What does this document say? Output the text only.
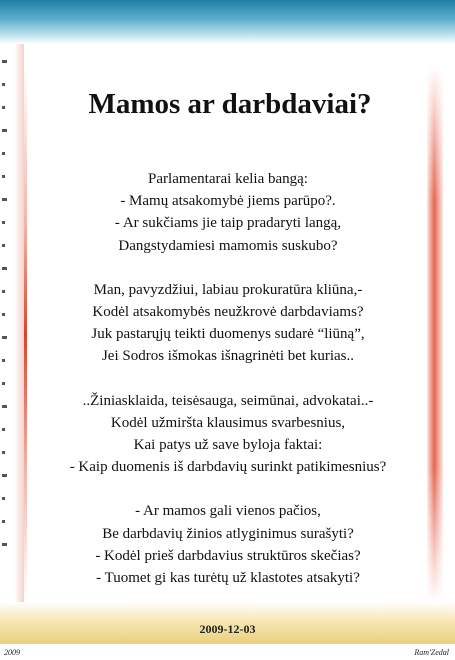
Mamos ar darbdaviai?

Parlamentarai kelia bangą:
- Mamų atsakomybė jiems parūpo?.
- Ar sukčiams jie taip pradaryti langą,
Dangstydamiesi mamomis suskubo?

Man, pavyzdžiui, labiau prokuratūra kliūna,-
Kodėl atsakomybės neužkrovė darbdaviams?
Juk pastarųjų teikti duomenys sudarė “liūną”,
Jei Sodros išmokas išnagrinėti bet kurias..

..Žiniasklaida, teisėsauga, seimūnai, advokatai..-
Kodėl užmiršta klausimus svarbesnius,
Kai patys už save byloja faktai:
- Kaip duomenis iš darbdavių surinkt patikimesnius?

- Ar mamos gali vienos pačios,
Be darbdavių žinios atlyginimus surašyti?
- Kodėl prieš darbdavius struktūros skečias?
- Tuomet gi kas turėtų už klastotes atsakyti?

2009-12-03
2009	Ram'Zedal
